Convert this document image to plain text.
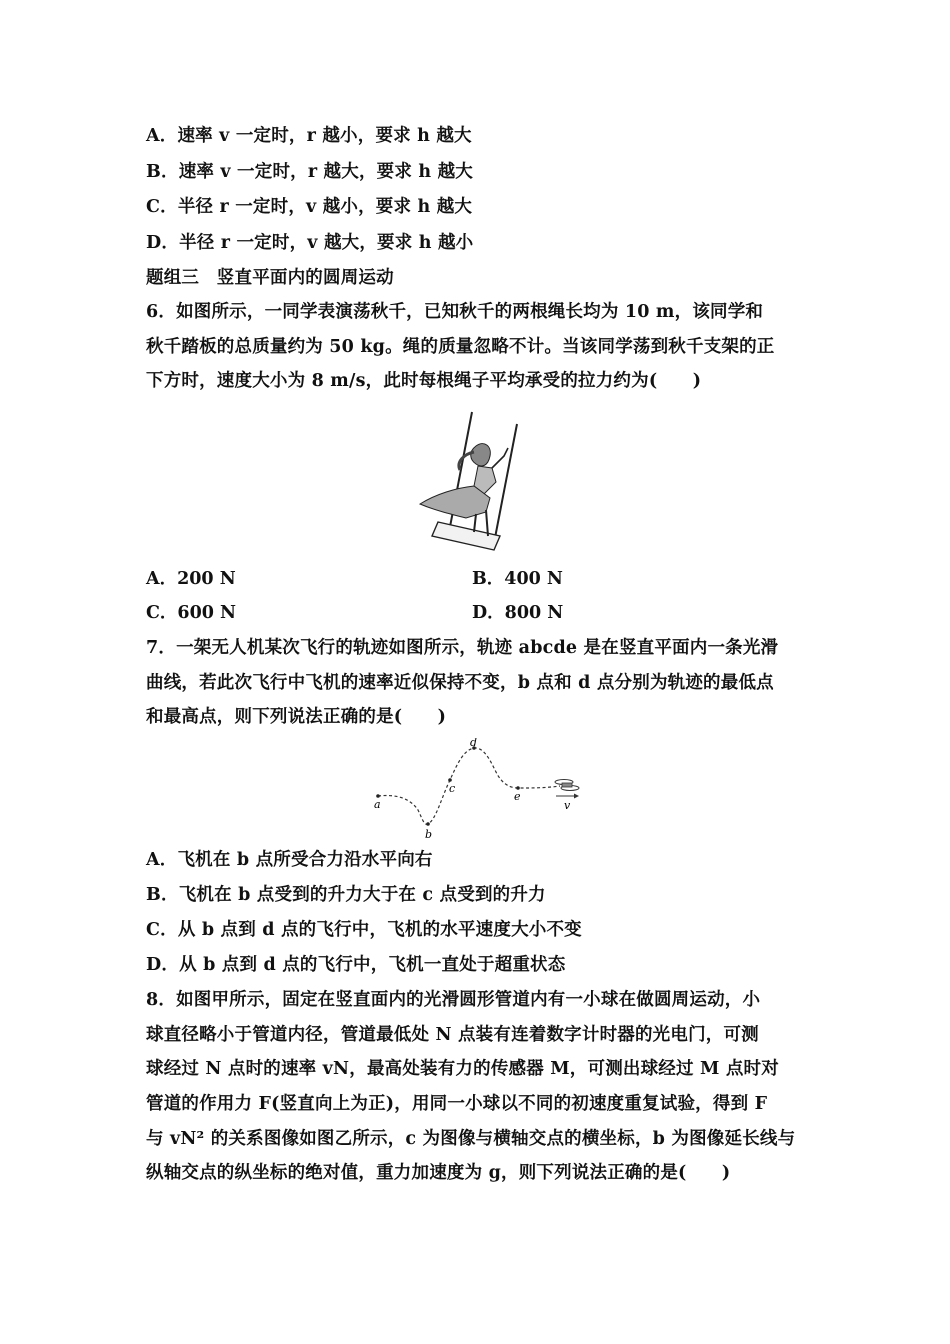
A．速率 v 一定时，r 越小，要求 h 越大
B．速率 v 一定时，r 越大，要求 h 越大
C．半径 r 一定时，v 越小，要求 h 越大
D．半径 r 一定时，v 越大，要求 h 越小
题组三　竖直平面内的圆周运动
6．如图所示，一同学表演荡秋千，已知秋千的两根绳长均为 10 m，该同学和
秋千踏板的总质量约为 50 kg。绳的质量忽略不计。当该同学荡到秋千支架的正
下方时，速度大小为 8 m/s，此时每根绳子平均承受的拉力约为(　　)
A．200 N	B．400 N
C．600 N	D．800 N
7．一架无人机某次飞行的轨迹如图所示，轨迹 abcde 是在竖直平面内一条光滑
曲线，若此次飞行中飞机的速率近似保持不变，b 点和 d 点分别为轨迹的最低点
和最高点，则下列说法正确的是(　　)
a
b
c
d
e
v
A．飞机在 b 点所受合力沿水平向右
B．飞机在 b 点受到的升力大于在 c 点受到的升力
C．从 b 点到 d 点的飞行中，飞机的水平速度大小不变
D．从 b 点到 d 点的飞行中，飞机一直处于超重状态
8．如图甲所示，固定在竖直面内的光滑圆形管道内有一小球在做圆周运动，小
球直径略小于管道内径，管道最低处 N 点装有连着数字计时器的光电门，可测
球经过 N 点时的速率 vN，最高处装有力的传感器 M，可测出球经过 M 点时对
管道的作用力 F(竖直向上为正)，用同一小球以不同的初速度重复试验，得到 F
与 vN² 的关系图像如图乙所示，c 为图像与横轴交点的横坐标，b 为图像延长线与
纵轴交点的纵坐标的绝对值，重力加速度为 g，则下列说法正确的是(　　)
